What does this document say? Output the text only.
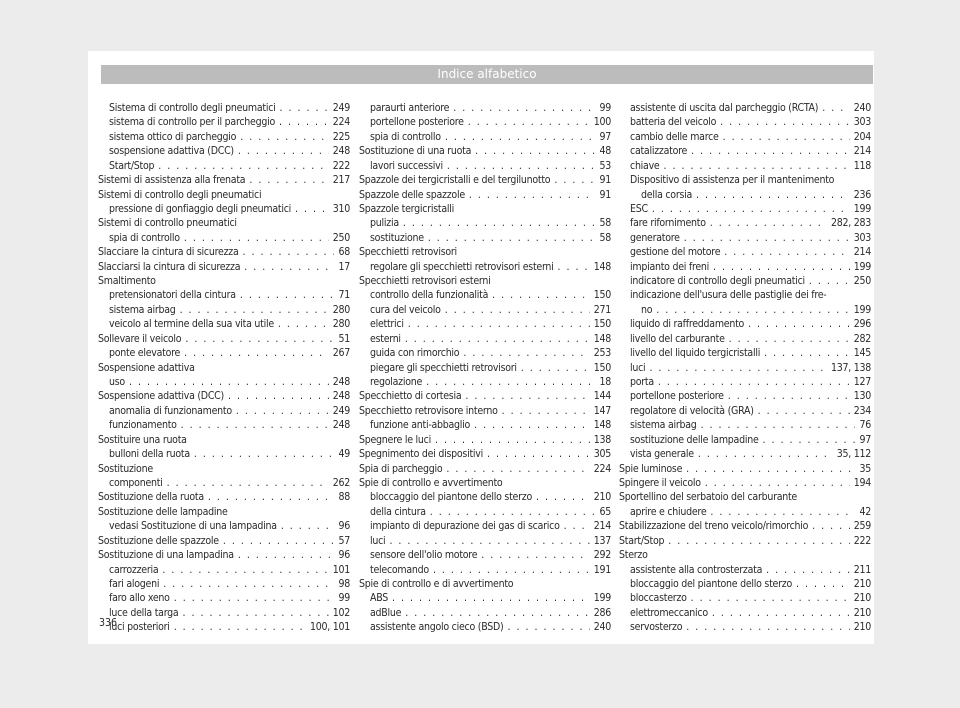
Indice alfabetico
Sistema di controllo degli pneumatici . . .	249
sistema di controllo per il parcheggio . . .	224
sistema ottico di parcheggio . . .	225
sospensione adattiva (DCC) . . .	248
Start/Stop . . .	222
Sistemi di assistenza alla frenata . . .	217
Sistemi di controllo degli pneumatici
pressione di gonfiaggio degli pneumatici . . .	310
Sistemi di controllo pneumatici
spia di controllo . . .	250
Slacciare la cintura di sicurezza . . .	68
Slacciarsi la cintura di sicurezza . . .	17
Smaltimento
pretensionatori della cintura . . .	71
sistema airbag . . .	280
veicolo al termine della sua vita utile . . .	280
Sollevare il veicolo . . .	51
ponte elevatore . . .	267
Sospensione adattiva
uso . . .	248
Sospensione adattiva (DCC) . . .	248
anomalia di funzionamento . . .	249
funzionamento . . .	248
Sostituire una ruota
bulloni della ruota . . .	49
Sostituzione
componenti . . .	262
Sostituzione della ruota . . .	88
Sostituzione delle lampadine
vedasi Sostituzione di una lampadina . . .	96
Sostituzione delle spazzole . . .	57
Sostituzione di una lampadina . . .	96
carrozzeria . . .	101
fari alogeni . . .	98
faro allo xeno . . .	99
luce della targa . . .	102
luci posteriori . . .	100, 101
paraurti anteriore . . .	99
portellone posteriore . . .	100
spia di controllo . . .	97
Sostituzione di una ruota . . .	48
lavori successivi . . .	53
Spazzole dei tergicristalli e del tergilunotto . . .	91
Spazzole delle spazzole . . .	91
Spazzole tergicristalli
pulizia . . .	58
sostituzione . . .	58
Specchietti retrovisori
regolare gli specchietti retrovisori esterni . . .	148
Specchietti retrovisori esterni
controllo della funzionalità . . .	150
cura del veicolo . . .	271
elettrici . . .	150
esterni . . .	148
guida con rimorchio . . .	253
piegare gli specchietti retrovisori . . .	150
regolazione . . .	18
Specchietto di cortesia . . .	144
Specchietto retrovisore interno . . .	147
funzione anti-abbaglio . . .	148
Spegnere le luci . . .	138
Spegnimento dei dispositivi . . .	305
Spia di parcheggio . . .	224
Spie di controllo e avvertimento
bloccaggio del piantone dello sterzo . . .	210
della cintura . . .	65
impianto di depurazione dei gas di scarico . . .	214
luci . . .	137
sensore dell'olio motore . . .	292
telecomando . . .	191
Spie di controllo e di avvertimento
ABS . . .	199
adBlue . . .	286
assistente angolo cieco (BSD) . . .	240
assistente di uscita dal parcheggio (RCTA) . . .	240
batteria del veicolo . . .	303
cambio delle marce . . .	204
catalizzatore . . .	214
chiave . . .	118
Dispositivo di assistenza per il mantenimento
della corsia . . .	236
ESC . . .	199
fare rifornimento . . .	282, 283
generatore . . .	303
gestione del motore . . .	214
impianto dei freni . . .	199
indicatore di controllo degli pneumatici . . .	250
indicazione dell'usura delle pastiglie dei fre-
no . . .	199
liquido di raffreddamento . . .	296
livello del carburante . . .	282
livello del liquido tergicristalli . . .	145
luci . . .	137, 138
porta . . .	127
portellone posteriore . . .	130
regolatore di velocità (GRA) . . .	234
sistema airbag . . .	76
sostituzione delle lampadine . . .	97
vista generale . . .	35, 112
Spie luminose . . .	35
Spingere il veicolo . . .	194
Sportellino del serbatoio del carburante
aprire e chiudere . . .	42
Stabilizzazione del treno veicolo/rimorchio . . .	259
Start/Stop . . .	222
Sterzo
assistente alla controsterzata . . .	211
bloccaggio del piantone dello sterzo . . .	210
bloccasterzo . . .	210
elettromeccanico . . .	210
servosterzo . . .	210
336
